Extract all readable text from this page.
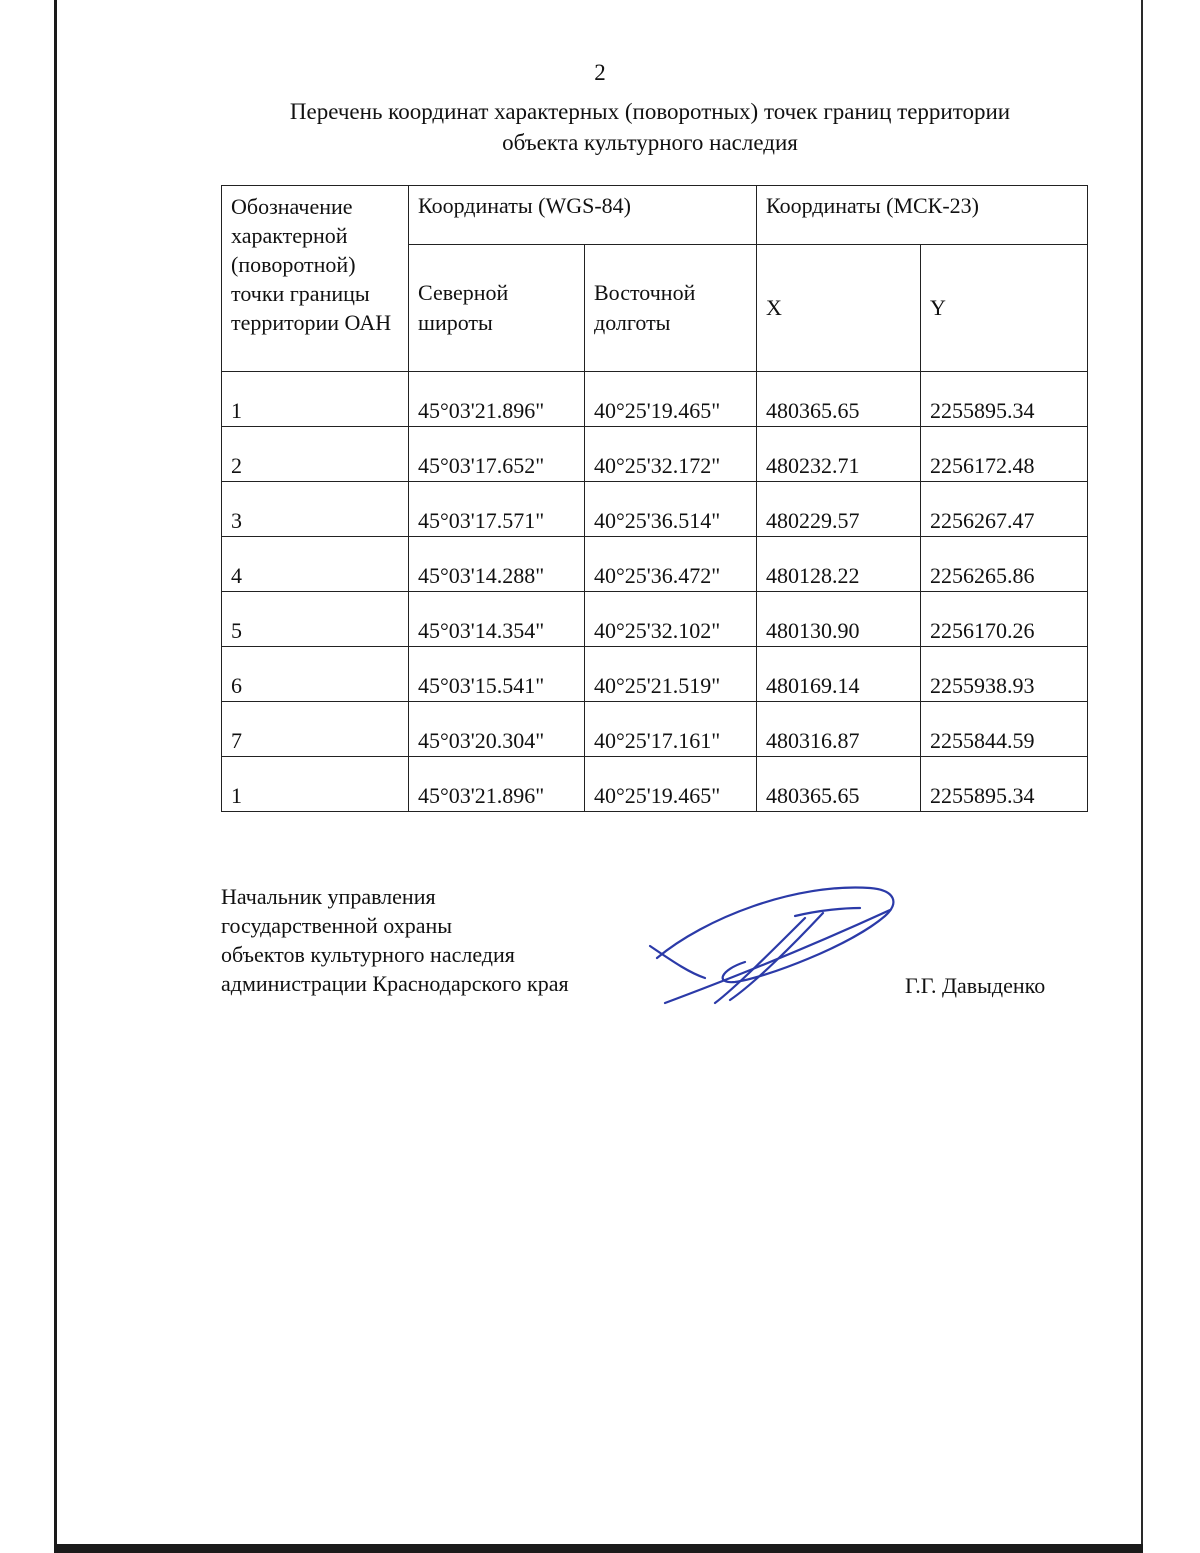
2
Перечень координат характерных (поворотных) точек границ территории
объекта культурного наследия
Обозначение характерной (поворотной) точки границы территории ОАН	Координаты (WGS-84)		Координаты (МСК-23)	
	Северной широты	Восточной долготы	X	Y
1	45°03'21.896"	40°25'19.465"	480365.65	2255895.34
2	45°03'17.652"	40°25'32.172"	480232.71	2256172.48
3	45°03'17.571"	40°25'36.514"	480229.57	2256267.47
4	45°03'14.288"	40°25'36.472"	480128.22	2256265.86
5	45°03'14.354"	40°25'32.102"	480130.90	2256170.26
6	45°03'15.541"	40°25'21.519"	480169.14	2255938.93
7	45°03'20.304"	40°25'17.161"	480316.87	2255844.59
1	45°03'21.896"	40°25'19.465"	480365.65	2255895.34
Начальник управления
государственной охраны
объектов культурного наследия
администрации Краснодарского края	Г.Г. Давыденко
